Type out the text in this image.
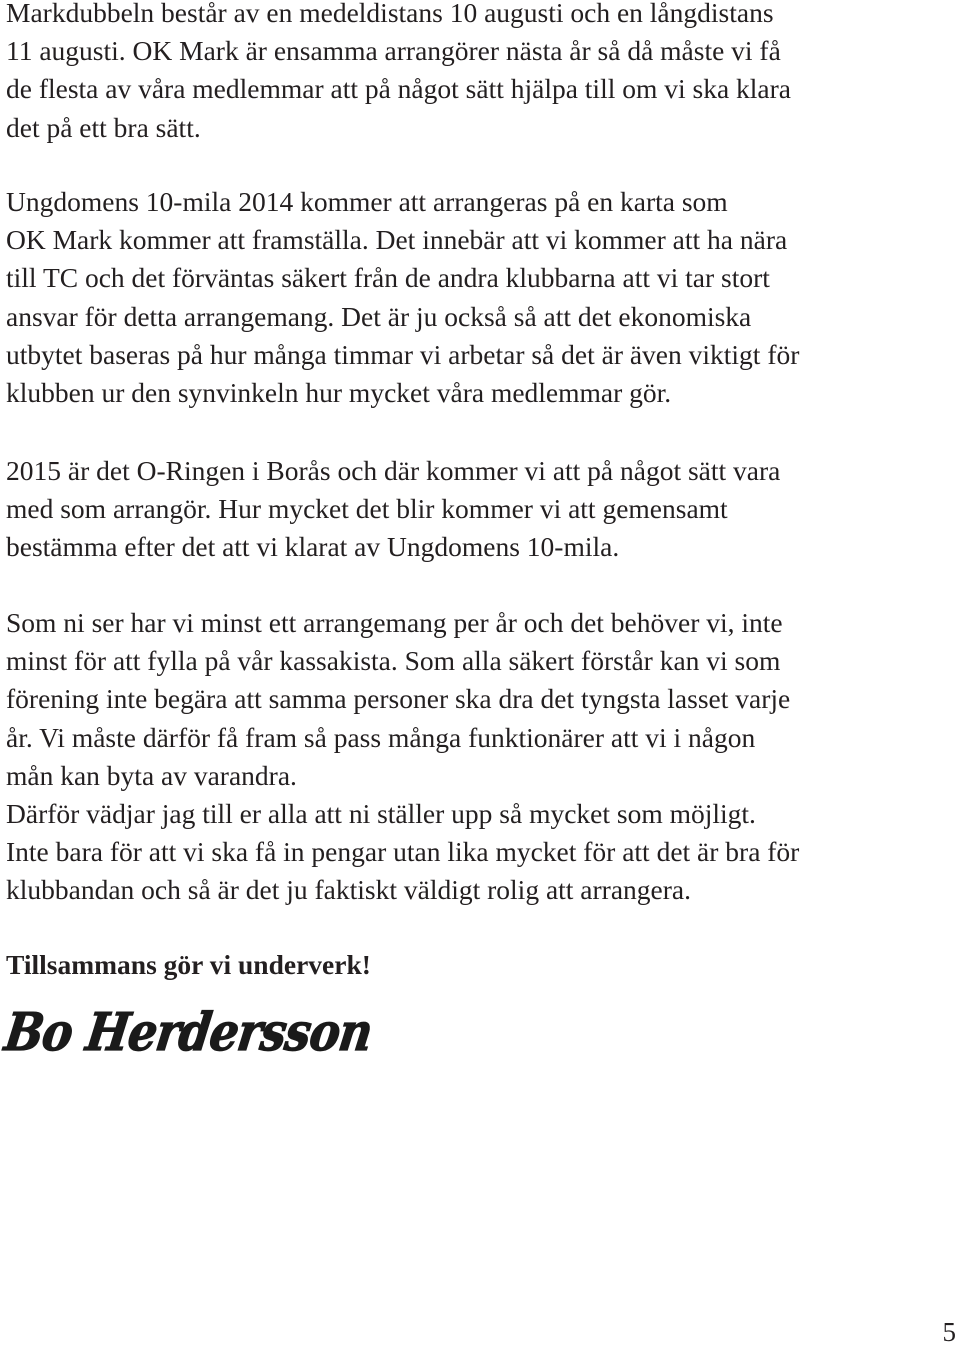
Markdubbeln består av en medeldistans 10 augusti och en långdistans
11 augusti. OK Mark är ensamma arrangörer nästa år så då måste vi få
de flesta av våra medlemmar att på något sätt hjälpa till om vi ska klara
det på ett bra sätt.

Ungdomens 10-mila 2014 kommer att arrangeras på en karta som
OK Mark kommer att framställa. Det innebär att vi kommer att ha nära
till TC och det förväntas säkert från de andra klubbarna att vi tar stort
ansvar för detta arrangemang. Det är ju också så att det ekonomiska
utbytet baseras på hur många timmar vi arbetar så det är även viktigt för
klubben ur den synvinkeln hur mycket våra medlemmar gör.

2015 är det O-Ringen i Borås och där kommer vi att på något sätt vara
med som arrangör. Hur mycket det blir kommer vi att gemensamt
bestämma efter det att vi klarat av Ungdomens 10-mila.

Som ni ser har vi minst ett arrangemang per år och det behöver vi, inte
minst för att fylla på vår kassakista. Som alla säkert förstår kan vi som
förening inte begära att samma personer ska dra det tyngsta lasset varje
år. Vi måste därför få fram så pass många funktionärer att vi i någon
mån kan byta av varandra.
Därför vädjar jag till er alla att ni ställer upp så mycket som möjligt.
Inte bara för att vi ska få in pengar utan lika mycket för att det är bra för
klubbandan och så är det ju faktiskt väldigt rolig att arrangera.

Tillsammans gör vi underverk!

Bo Herdersson
5
